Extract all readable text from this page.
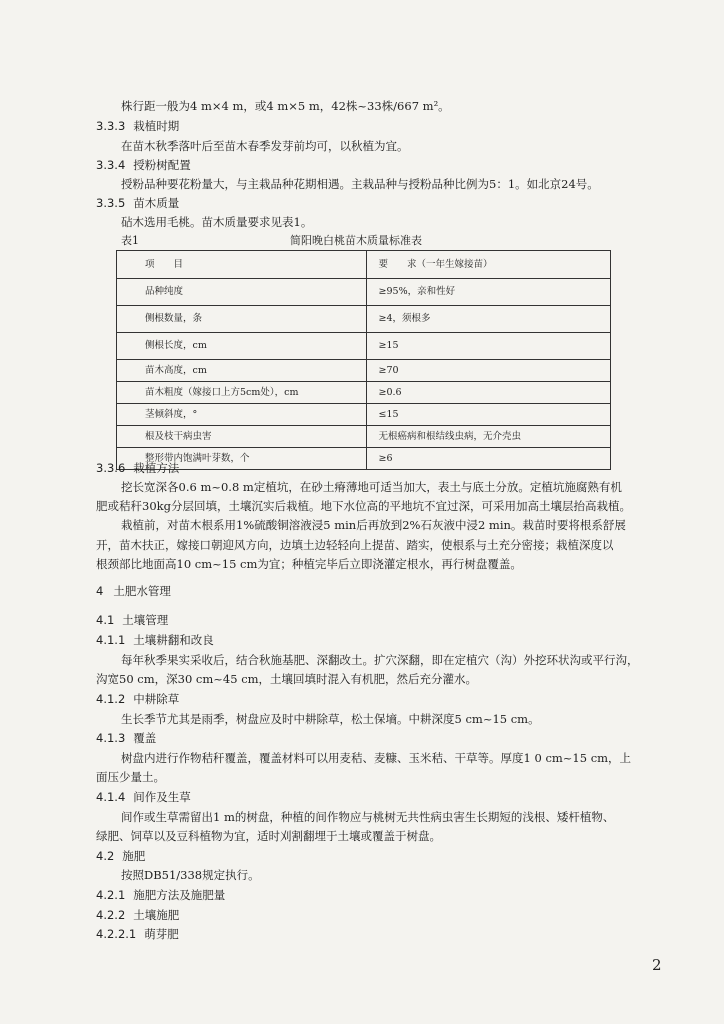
株行距一般为4 m×4 m，或4 m×5 m，42株~33株/667 m²。
3.3.3 栽植时期
在苗木秋季落叶后至苗木春季发芽前均可，以秋植为宜。
3.3.4 授粉树配置
授粉品种要花粉量大，与主栽品种花期相遇。主栽品种与授粉品种比例为5：1。如北京24号。
3.3.5 苗木质量
砧木选用毛桃。苗木质量要求见表1。
表1	简阳晚白桃苗木质量标准表
项　　目	要　　求（一年生嫁接苗）
品种纯度	≥95%，亲和性好
侧根数量，条	≥4，须根多
侧根长度，cm	≥15
苗木高度，cm	≥70
苗木粗度（嫁接口上方5cm处），cm	≥0.6
茎倾斜度，°	≤15
根及枝干病虫害	无根癌病和根结线虫病，无介壳虫
整形带内饱满叶芽数，个	≥6
3.3.6 栽植方法
挖长宽深各0.6 m~0.8 m定植坑，在砂土瘠薄地可适当加大，表土与底土分放。定植坑施腐熟有机
肥或秸秆30kg分层回填，土壤沉实后栽植。地下水位高的平地坑不宜过深，可采用加高土壤层抬高栽植。
栽植前，对苗木根系用1%硫酸铜溶液浸5 min后再放到2%石灰液中浸2 min。栽苗时要将根系舒展
开，苗木扶正，嫁接口朝迎风方向，边填土边轻轻向上提苗、踏实，使根系与土充分密接；栽植深度以
根颈部比地面高10 cm~15 cm为宜；种植完毕后立即浇灌定根水，再行树盘覆盖。
4 土肥水管理
4.1 土壤管理
4.1.1 土壤耕翻和改良
每年秋季果实采收后，结合秋施基肥、深翻改土。扩穴深翻，即在定植穴（沟）外挖环状沟或平行沟，
沟宽50 cm，深30 cm~45 cm，土壤回填时混入有机肥，然后充分灌水。
4.1.2 中耕除草
生长季节尤其是雨季，树盘应及时中耕除草，松土保墒。中耕深度5 cm~15 cm。
4.1.3 覆盖
树盘内进行作物秸秆覆盖，覆盖材料可以用麦秸、麦糠、玉米秸、干草等。厚度1 0 cm~15 cm，上
面压少量土。
4.1.4 间作及生草
间作或生草需留出1 m的树盘，种植的间作物应与桃树无共性病虫害生长期短的浅根、矮杆植物、
绿肥、饲草以及豆科植物为宜，适时刈割翻埋于土壤或覆盖于树盘。
4.2 施肥
按照DB51/338规定执行。
4.2.1 施肥方法及施肥量
4.2.2 土壤施肥
4.2.2.1 萌芽肥
2
